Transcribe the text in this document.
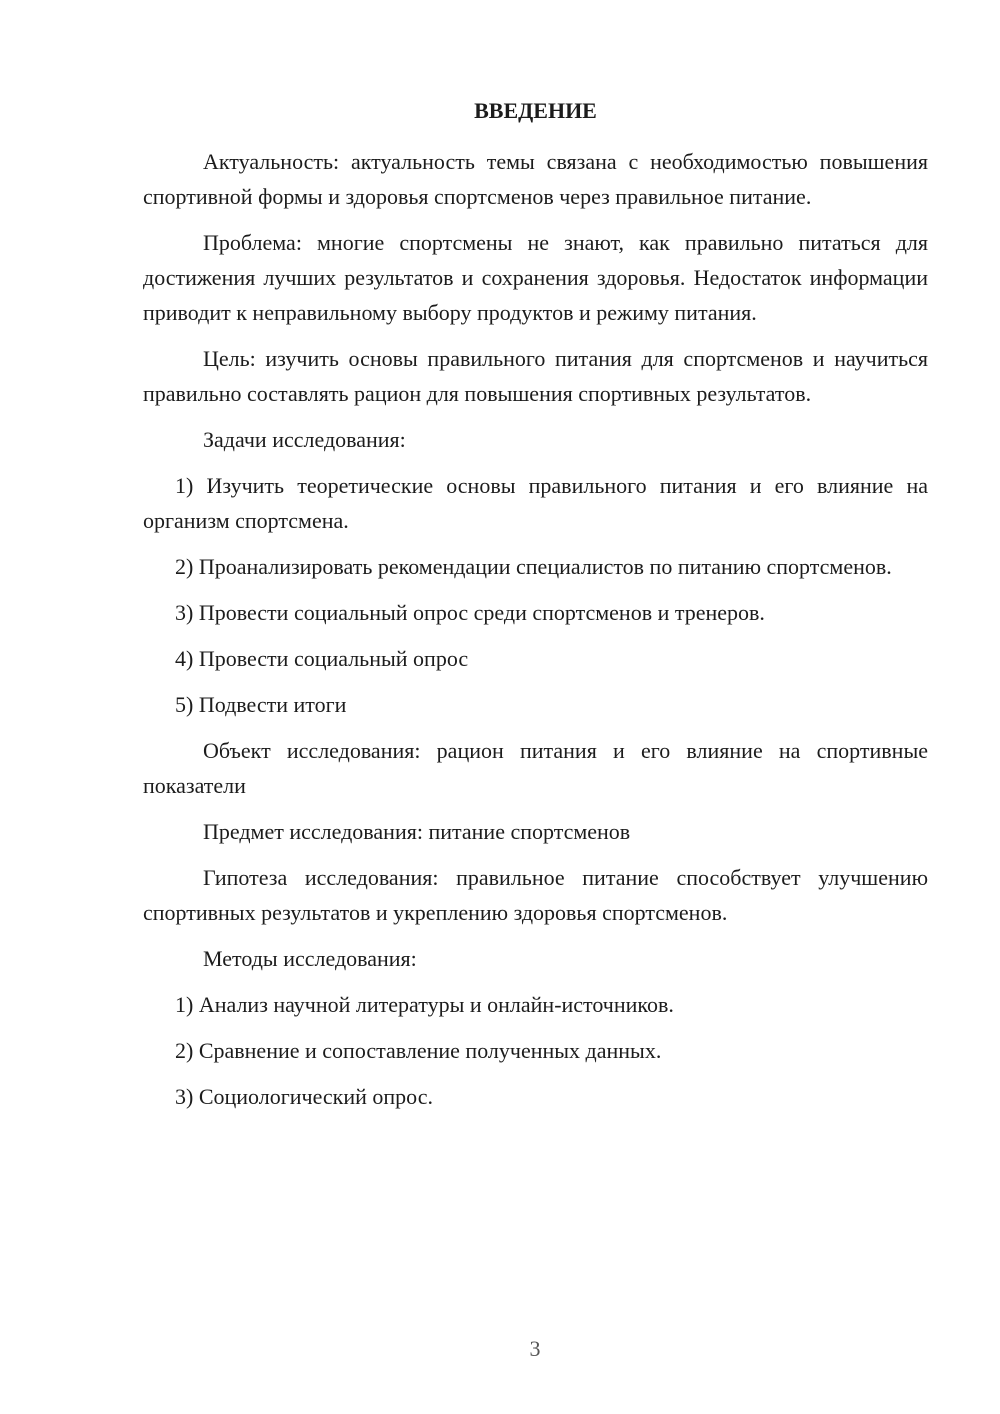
ВВЕДЕНИЕ

Актуальность: актуальность темы связана с необходимостью повышения спортивной формы и здоровья спортсменов через правильное питание.

Проблема: многие спортсмены не знают, как правильно питаться для достижения лучших результатов и сохранения здоровья. Недостаток информации приводит к неправильному выбору продуктов и режиму питания.

Цель: изучить основы правильного питания для спортсменов и научиться правильно составлять рацион для повышения спортивных результатов.

Задачи исследования:

1) Изучить теоретические основы правильного питания и его влияние на организм спортсмена.

2) Проанализировать рекомендации специалистов по питанию спортсменов.

3) Провести социальный опрос среди спортсменов и тренеров.

4) Провести социальный опрос

5) Подвести итоги

Объект исследования: рацион питания и его влияние на спортивные показатели

Предмет исследования: питание спортсменов

Гипотеза исследования: правильное питание способствует улучшению спортивных результатов и укреплению здоровья спортсменов.

Методы исследования:

1) Анализ научной литературы и онлайн-источников.

2) Сравнение и сопоставление полученных данных.

3) Социологический опрос.

3
